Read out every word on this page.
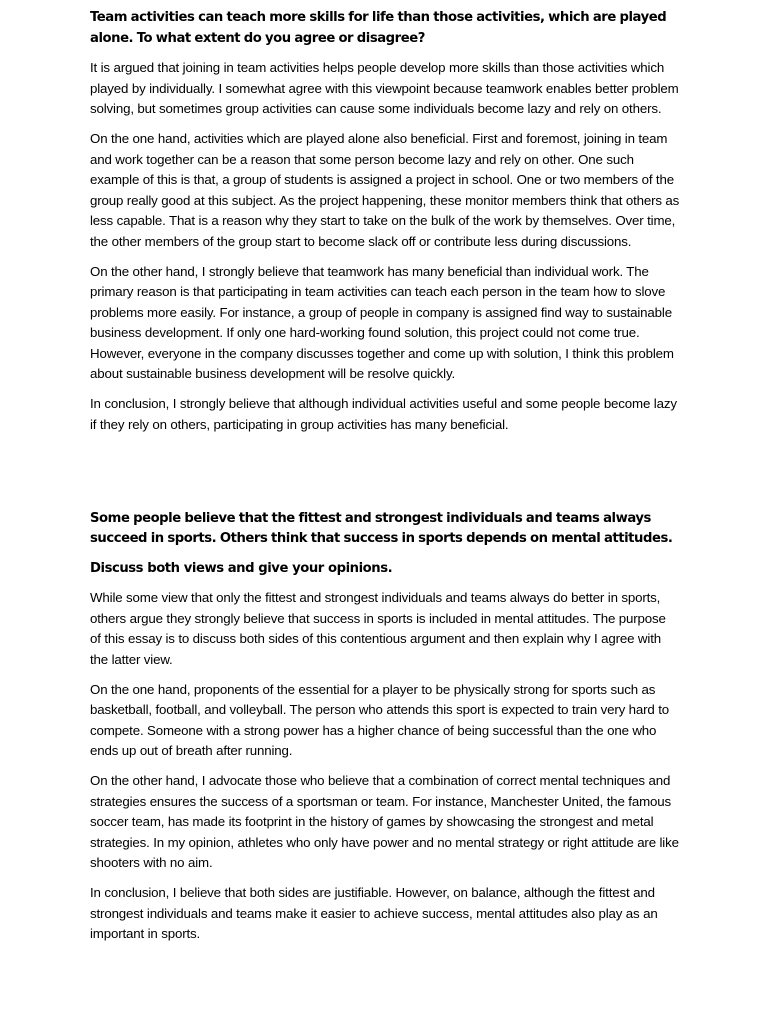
Team activities can teach more skills for life than those activities, which are played alone. To what extent do you agree or disagree?

It is argued that joining in team activities helps people develop more skills than those activities which played by individually. I somewhat agree with this viewpoint because teamwork enables better problem solving, but sometimes group activities can cause some individuals become lazy and rely on others.

On the one hand, activities which are played alone also beneficial. First and foremost, joining in team and work together can be a reason that some person become lazy and rely on other. One such example of this is that, a group of students is assigned a project in school. One or two members of the group really good at this subject. As the project happening, these monitor members think that others as less capable. That is a reason why they start to take on the bulk of the work by themselves. Over time, the other members of the group start to become slack off or contribute less during discussions.

On the other hand, I strongly believe that teamwork has many beneficial than individual work. The primary reason is that participating in team activities can teach each person in the team how to slove problems more easily. For instance, a group of people in company is assigned find way to sustainable business development. If only one hard-working found solution, this project could not come true. However, everyone in the company discusses together and come up with solution, I think this problem about sustainable business development will be resolve quickly.

In conclusion, I strongly believe that although individual activities useful and some people become lazy if they rely on others, participating in group activities has many beneficial.

Some people believe that the fittest and strongest individuals and teams always succeed in sports. Others think that success in sports depends on mental attitudes.

Discuss both views and give your opinions.

While some view that only the fittest and strongest individuals and teams always do better in sports, others argue they strongly believe that success in sports is included in mental attitudes. The purpose of this essay is to discuss both sides of this contentious argument and then explain why I agree with the latter view.

On the one hand, proponents of the essential for a player to be physically strong for sports such as basketball, football, and volleyball. The person who attends this sport is expected to train very hard to compete. Someone with a strong power has a higher chance of being successful than the one who ends up out of breath after running.

On the other hand, I advocate those who believe that a combination of correct mental techniques and strategies ensures the success of a sportsman or team. For instance, Manchester United, the famous soccer team, has made its footprint in the history of games by showcasing the strongest and metal strategies. In my opinion, athletes who only have power and no mental strategy or right attitude are like shooters with no aim.

In conclusion, I believe that both sides are justifiable. However, on balance, although the fittest and strongest individuals and teams make it easier to achieve success, mental attitudes also play as an important in sports.
